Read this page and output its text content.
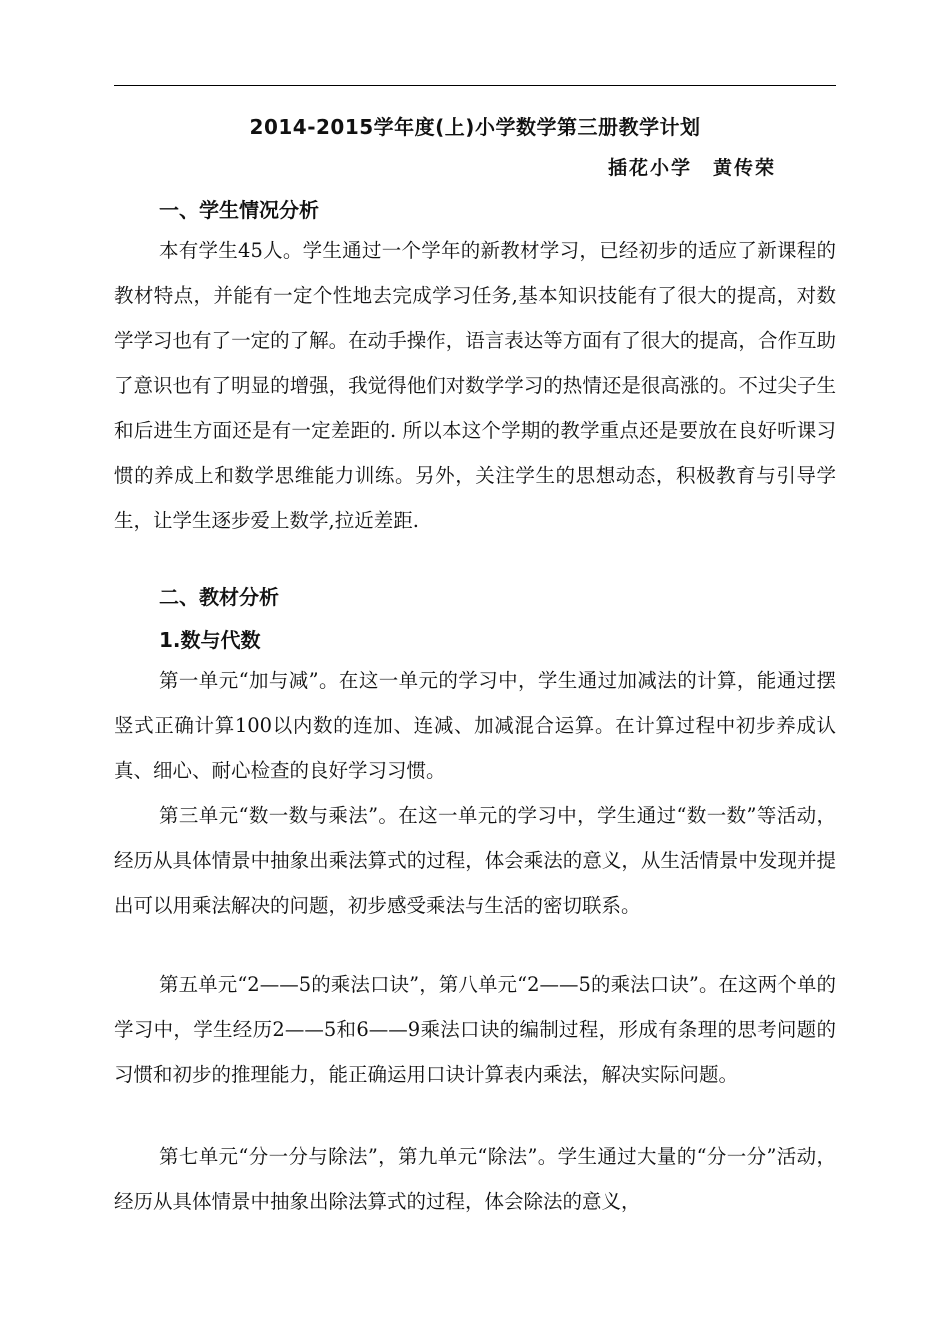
2014-2015学年度(上)小学数学第三册教学计划
插花小学　黄传荣
一、学生情况分析

本有学生45人。学生通过一个学年的新教材学习，已经初步的适应了新课程的教材特点，并能有一定个性地去完成学习任务,基本知识技能有了很大的提高，对数学学习也有了一定的了解。在动手操作，语言表达等方面有了很大的提高，合作互助了意识也有了明显的增强，我觉得他们对数学学习的热情还是很高涨的。不过尖子生和后进生方面还是有一定差距的. 所以本这个学期的教学重点还是要放在良好听课习惯的养成上和数学思维能力训练。另外，关注学生的思想动态，积极教育与引导学生，让学生逐步爱上数学,拉近差距.

二、教材分析
1.数与代数

第一单元“加与减”。在这一单元的学习中，学生通过加减法的计算，能通过摆竖式正确计算100以内数的连加、连减、加减混合运算。在计算过程中初步养成认真、细心、耐心检查的良好学习习惯。

第三单元“数一数与乘法”。在这一单元的学习中，学生通过“数一数”等活动，经历从具体情景中抽象出乘法算式的过程，体会乘法的意义，从生活情景中发现并提出可以用乘法解决的问题，初步感受乘法与生活的密切联系。

第五单元“2——5的乘法口诀”，第八单元“2——5的乘法口诀”。在这两个单的学习中，学生经历2——5和6——9乘法口诀的编制过程，形成有条理的思考问题的习惯和初步的推理能力，能正确运用口诀计算表内乘法，解决实际问题。

第七单元“分一分与除法”，第九单元“除法”。学生通过大量的“分一分”活动，经历从具体情景中抽象出除法算式的过程，体会除法的意义，
